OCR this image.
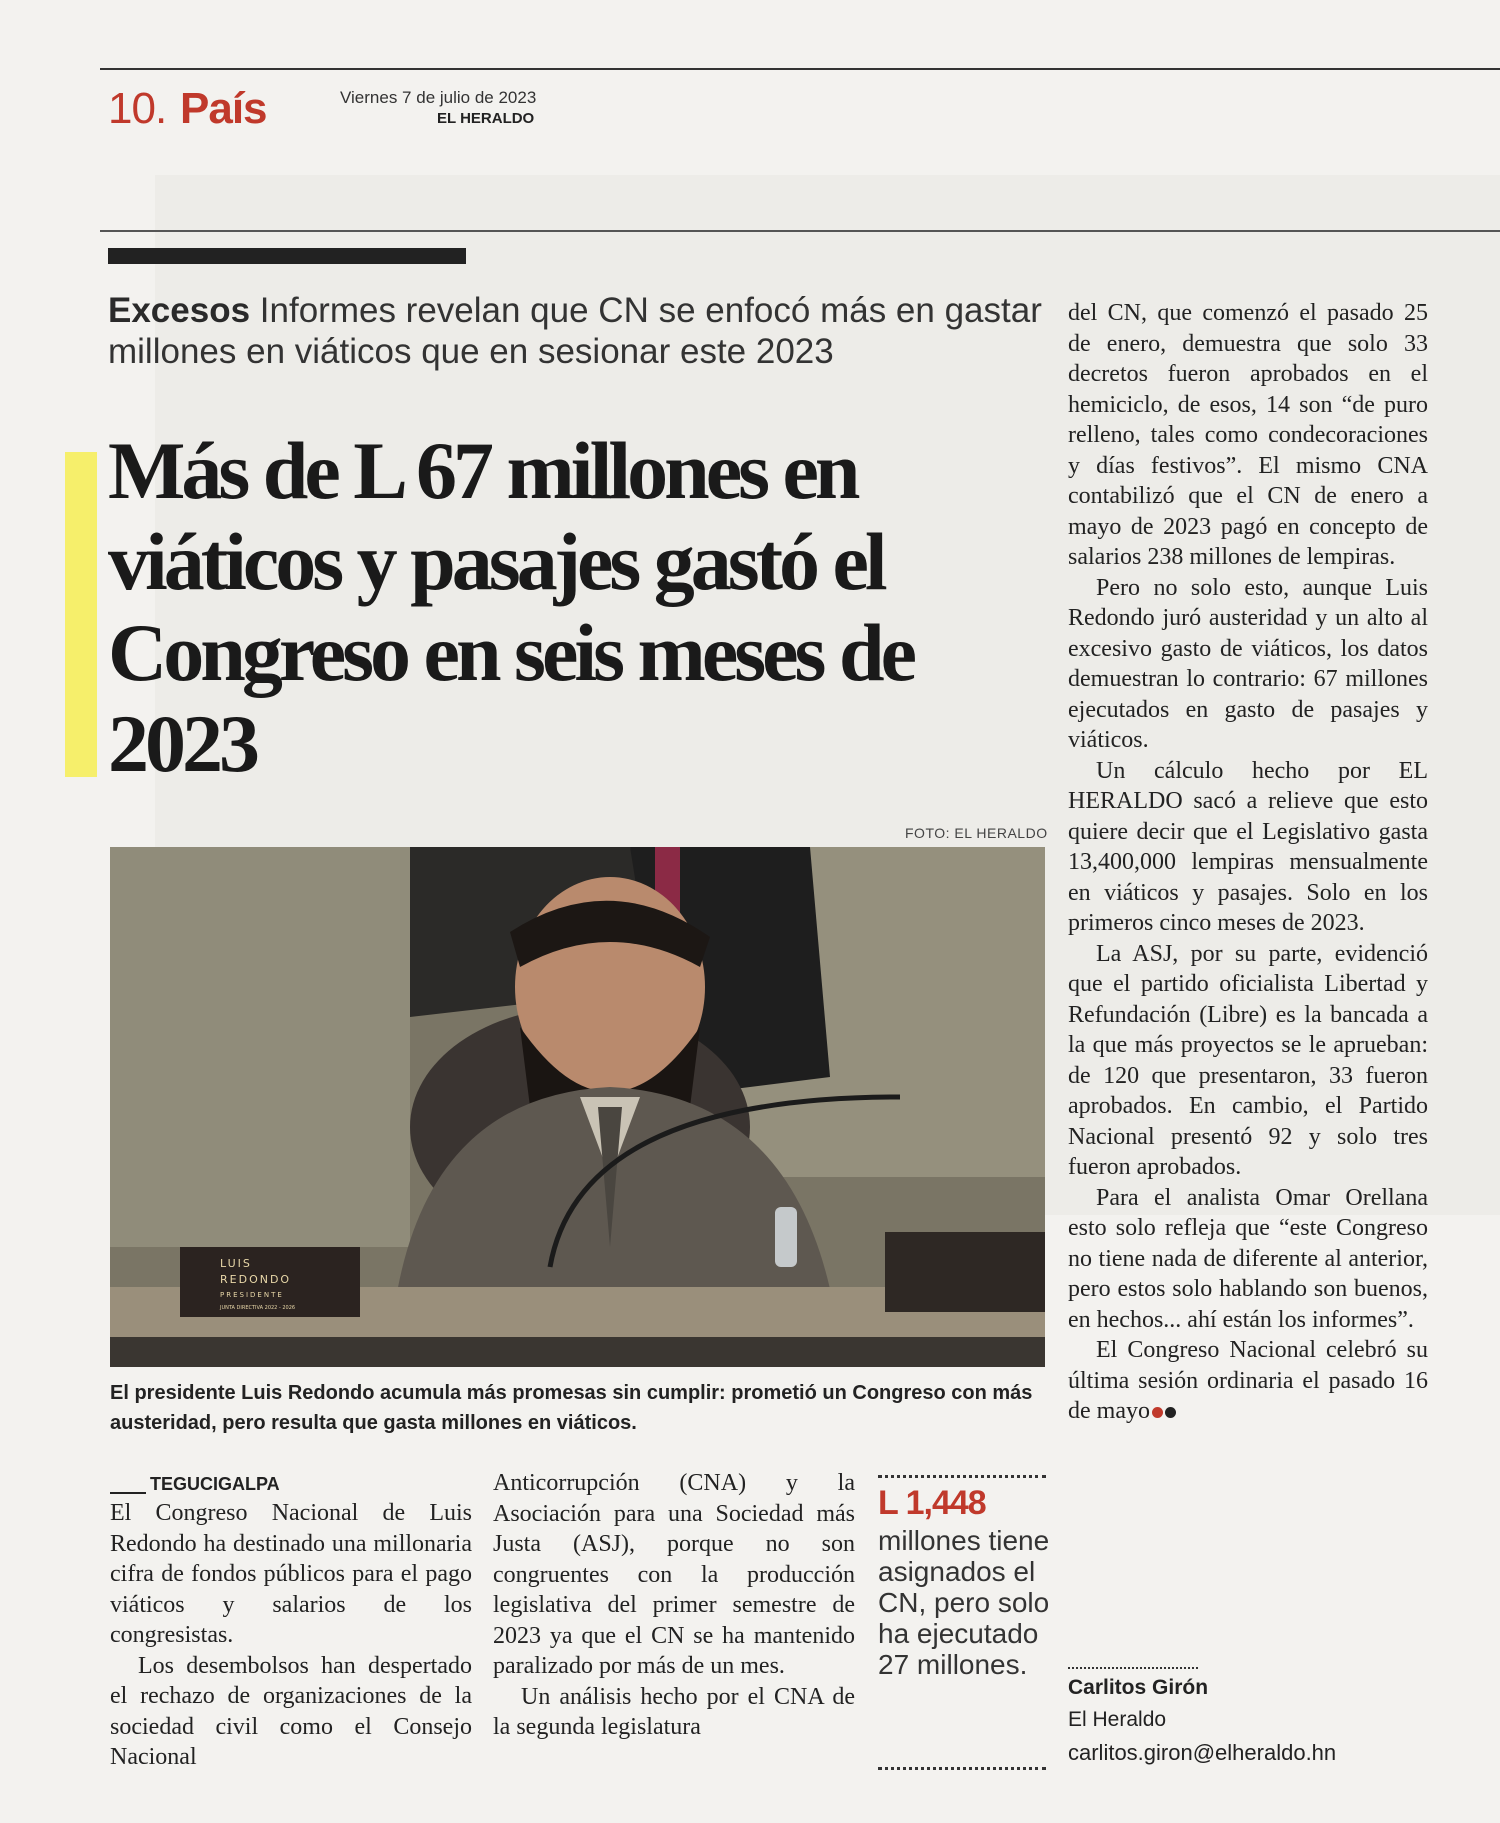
10. País	Viernes 7 de julio de 2023
EL HERALDO
Excesos Informes revelan que CN se enfocó más en gastar millones en viáticos que en sesionar este 2023
Más de L 67 millones en viáticos y pasajes gastó el Congreso en seis meses de 2023
FOTO: EL HERALDO
LUIS
REDONDO
PRESIDENTE
JUNTA DIRECTIVA 2022 - 2026
El presidente Luis Redondo acumula más promesas sin cumplir: prometió un Congreso con más austeridad, pero resulta que gasta millones en viáticos.
TEGUCIGALPA

El Congreso Nacional de Luis Redondo ha destinado una millonaria cifra de fondos públicos para el pago viáticos y salarios de los congresistas.

Los desembolsos han despertado el rechazo de organizaciones de la sociedad civil como el Consejo Nacional

Anticorrupción (CNA) y la Asociación para una Sociedad más Justa (ASJ), porque no son congruentes con la producción legislativa del primer semestre de 2023 ya que el CN se ha mantenido paralizado por más de un mes.

Un análisis hecho por el CNA de la segunda legislatura

L 1,448
millones tiene asignados el CN, pero solo ha ejecutado 27 millones.

del CN, que comenzó el pasado 25 de enero, demuestra que solo 33 decretos fueron aprobados en el hemiciclo, de esos, 14 son “de puro relleno, tales como condecoraciones y días festivos”. El mismo CNA contabilizó que el CN de enero a mayo de 2023 pagó en concepto de salarios 238 millones de lempiras.

Pero no solo esto, aunque Luis Redondo juró austeridad y un alto al excesivo gasto de viáticos, los datos demuestran lo contrario: 67 millones ejecutados en gasto de pasajes y viáticos.

Un cálculo hecho por EL HERALDO sacó a relieve que esto quiere decir que el Legislativo gasta 13,400,000 lempiras mensualmente en viáticos y pasajes. Solo en los primeros cinco meses de 2023.

La ASJ, por su parte, evidenció que el partido oficialista Libertad y Refundación (Libre) es la bancada a la que más proyectos se le aprueban: de 120 que presentaron, 33 fueron aprobados. En cambio, el Partido Nacional presentó 92 y solo tres fueron aprobados.

Para el analista Omar Orellana esto solo refleja que “este Congreso no tiene nada de diferente al anterior, pero estos solo hablando son buenos, en hechos... ahí están los informes”.

El Congreso Nacional celebró su última sesión ordinaria el pasado 16 de mayo

Carlitos Girón
El Heraldo
carlitos.giron@elheraldo.hn
